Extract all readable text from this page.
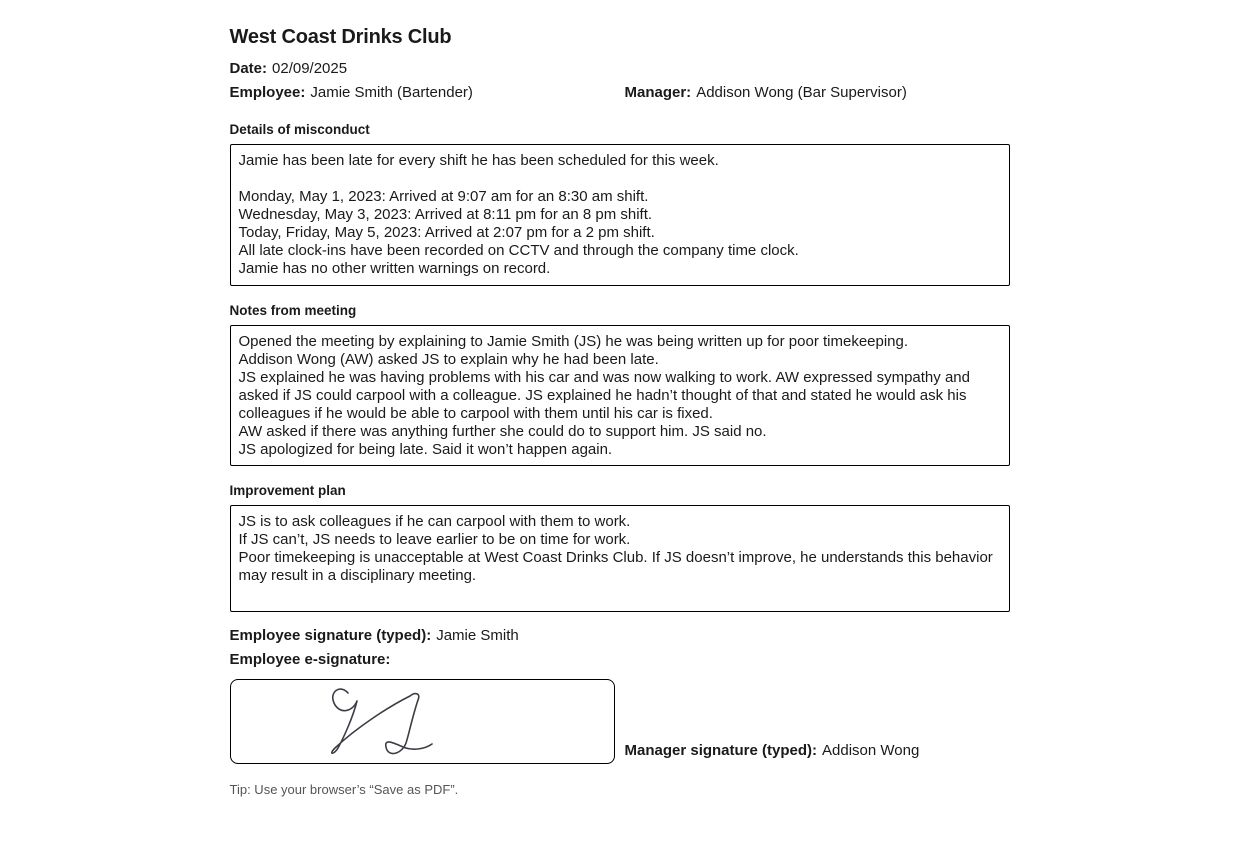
West Coast Drinks Club

Date: 02/09/2025

Employee: Jamie Smith (Bartender)	Manager: Addison Wong (Bar Supervisor)

Details of misconduct
Jamie has been late for every shift he has been scheduled for this week. Monday, May 1, 2023: Arrived at 9:07 am for an 8:30 am shift. Wednesday, May 3, 2023: Arrived at 8:11 pm for an 8 pm shift. Today, Friday, May 5, 2023: Arrived at 2:07 pm for a 2 pm shift. All late clock-ins have been recorded on CCTV and through the company time clock. Jamie has no other written warnings on record.
Notes from meeting
Opened the meeting by explaining to Jamie Smith (JS) he was being written up for poor timekeeping. Addison Wong (AW) asked JS to explain why he had been late. JS explained he was having problems with his car and was now walking to work. AW expressed sympathy and asked if JS could carpool with a colleague. JS explained he hadn’t thought of that and stated he would ask his colleagues if he would be able to carpool with them until his car is fixed. AW asked if there was anything further she could do to support him. JS said no. JS apologized for being late. Said it won’t happen again.
Improvement plan
JS is to ask colleagues if he can carpool with them to work. If JS can’t, JS needs to leave earlier to be on time for work. Poor timekeeping is unacceptable at West Coast Drinks Club. If JS doesn’t improve, he understands this behavior may result in a disciplinary meeting.

Employee signature (typed): Jamie Smith

Employee e-signature:

Manager signature (typed): Addison Wong

Tip: Use your browser’s “Save as PDF”.
